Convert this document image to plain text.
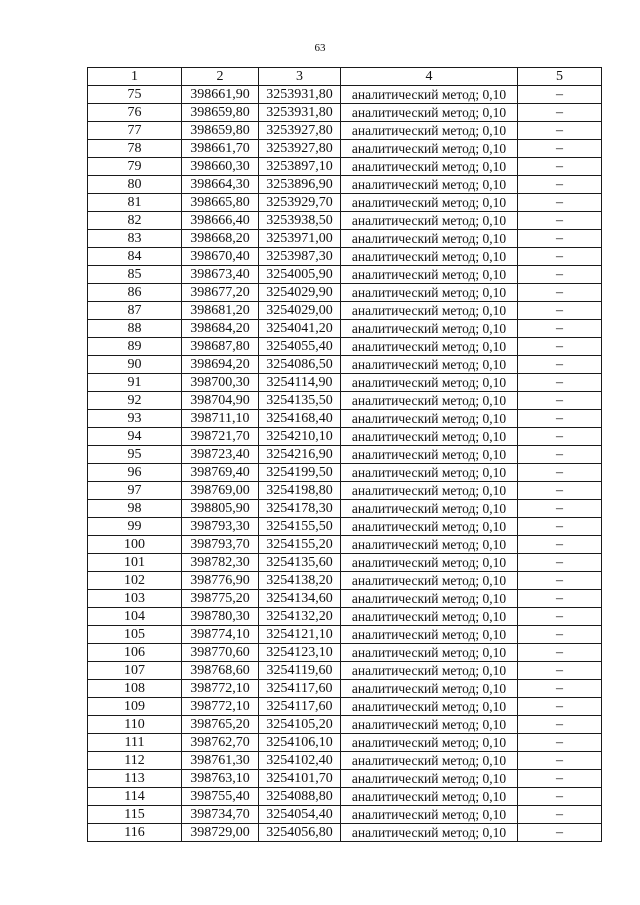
63
1	2	3	4	5
75	398661,90	3253931,80	аналитический метод; 0,10	–
76	398659,80	3253931,80	аналитический метод; 0,10	–
77	398659,80	3253927,80	аналитический метод; 0,10	–
78	398661,70	3253927,80	аналитический метод; 0,10	–
79	398660,30	3253897,10	аналитический метод; 0,10	–
80	398664,30	3253896,90	аналитический метод; 0,10	–
81	398665,80	3253929,70	аналитический метод; 0,10	–
82	398666,40	3253938,50	аналитический метод; 0,10	–
83	398668,20	3253971,00	аналитический метод; 0,10	–
84	398670,40	3253987,30	аналитический метод; 0,10	–
85	398673,40	3254005,90	аналитический метод; 0,10	–
86	398677,20	3254029,90	аналитический метод; 0,10	–
87	398681,20	3254029,00	аналитический метод; 0,10	–
88	398684,20	3254041,20	аналитический метод; 0,10	–
89	398687,80	3254055,40	аналитический метод; 0,10	–
90	398694,20	3254086,50	аналитический метод; 0,10	–
91	398700,30	3254114,90	аналитический метод; 0,10	–
92	398704,90	3254135,50	аналитический метод; 0,10	–
93	398711,10	3254168,40	аналитический метод; 0,10	–
94	398721,70	3254210,10	аналитический метод; 0,10	–
95	398723,40	3254216,90	аналитический метод; 0,10	–
96	398769,40	3254199,50	аналитический метод; 0,10	–
97	398769,00	3254198,80	аналитический метод; 0,10	–
98	398805,90	3254178,30	аналитический метод; 0,10	–
99	398793,30	3254155,50	аналитический метод; 0,10	–
100	398793,70	3254155,20	аналитический метод; 0,10	–
101	398782,30	3254135,60	аналитический метод; 0,10	–
102	398776,90	3254138,20	аналитический метод; 0,10	–
103	398775,20	3254134,60	аналитический метод; 0,10	–
104	398780,30	3254132,20	аналитический метод; 0,10	–
105	398774,10	3254121,10	аналитический метод; 0,10	–
106	398770,60	3254123,10	аналитический метод; 0,10	–
107	398768,60	3254119,60	аналитический метод; 0,10	–
108	398772,10	3254117,60	аналитический метод; 0,10	–
109	398772,10	3254117,60	аналитический метод; 0,10	–
110	398765,20	3254105,20	аналитический метод; 0,10	–
111	398762,70	3254106,10	аналитический метод; 0,10	–
112	398761,30	3254102,40	аналитический метод; 0,10	–
113	398763,10	3254101,70	аналитический метод; 0,10	–
114	398755,40	3254088,80	аналитический метод; 0,10	–
115	398734,70	3254054,40	аналитический метод; 0,10	–
116	398729,00	3254056,80	аналитический метод; 0,10	–
